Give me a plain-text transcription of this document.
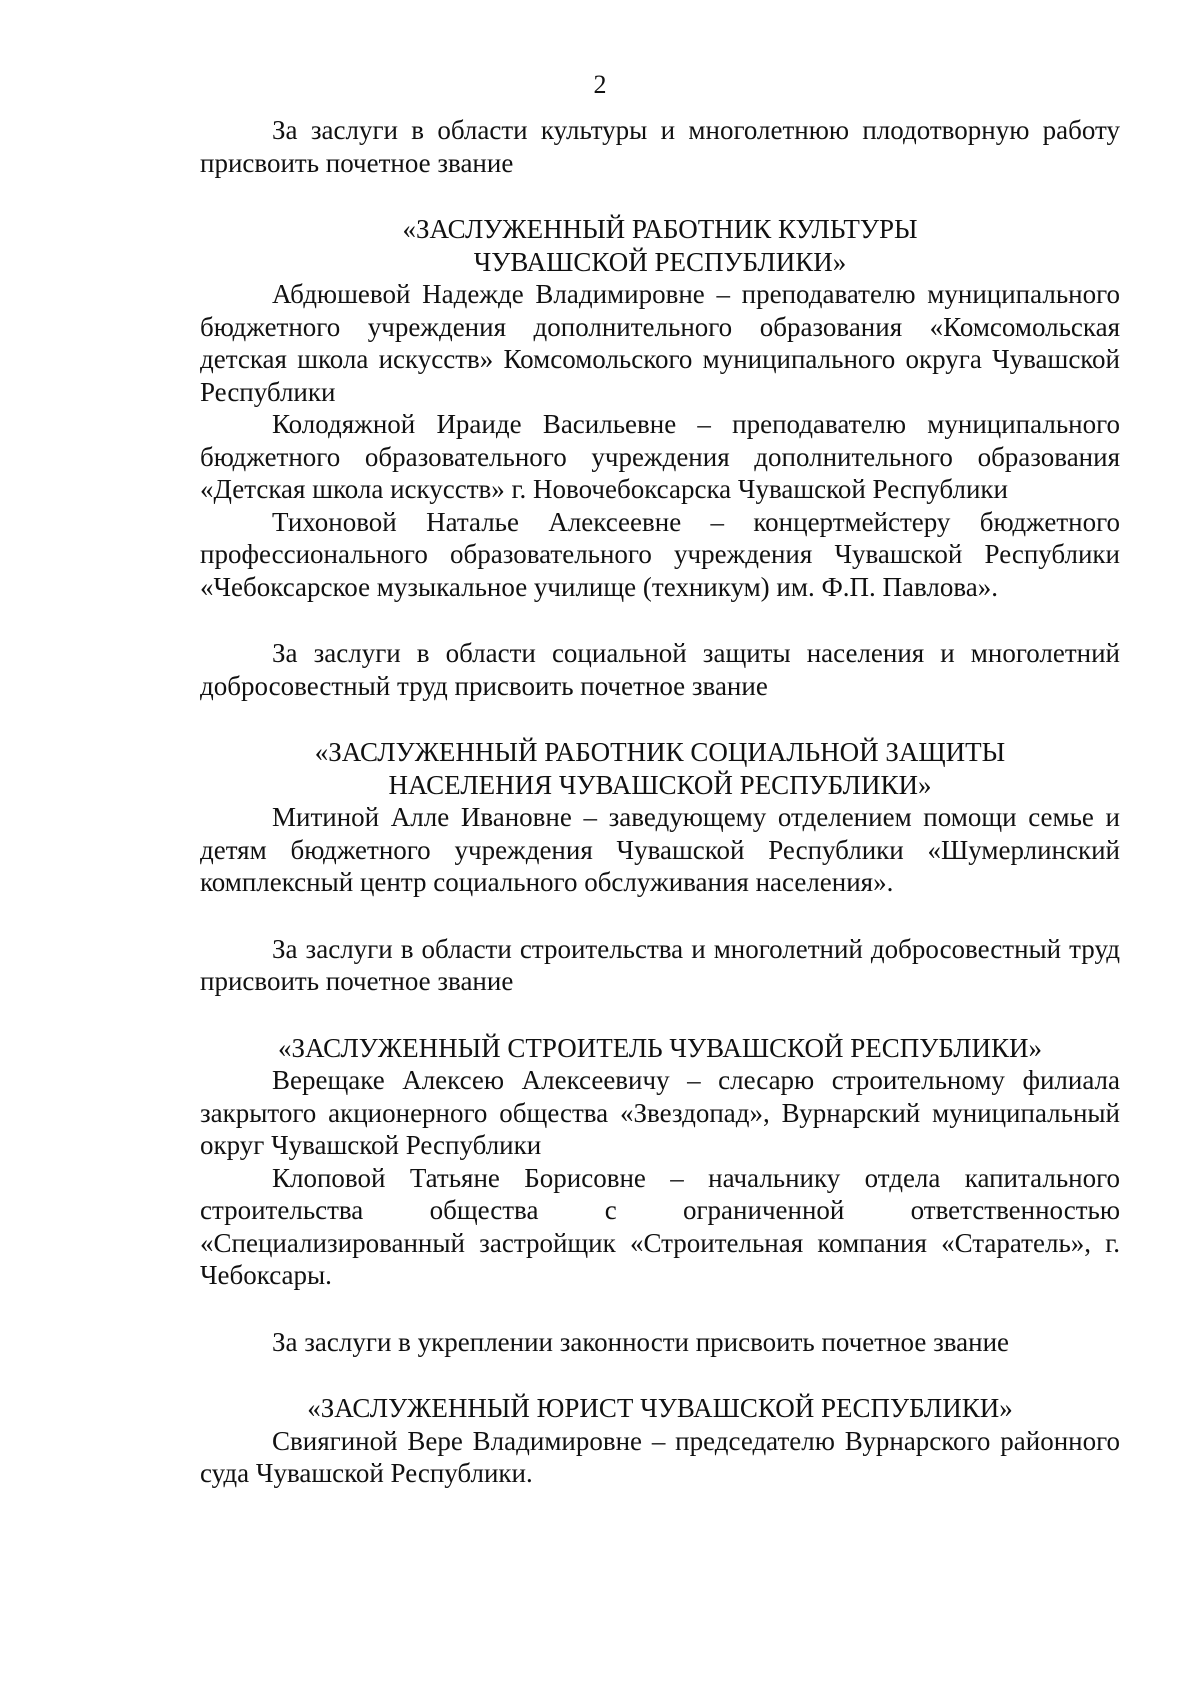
2

За заслуги в области культуры и многолетнюю плодотворную работу присвоить почетное звание

«ЗАСЛУЖЕННЫЙ РАБОТНИК КУЛЬТУРЫ
ЧУВАШСКОЙ РЕСПУБЛИКИ»

Абдюшевой Надежде Владимировне – преподавателю муниципального бюджетного учреждения дополнительного образования «Комсомольская детская школа искусств» Комсомольского муниципального округа Чувашской Республики

Колодяжной Ираиде Васильевне – преподавателю муниципального бюджетного образовательного учреждения дополнительного образования «Детская школа искусств» г. Новочебоксарска Чувашской Республики

Тихоновой Наталье Алексеевне – концертмейстеру бюджетного профессионального образовательного учреждения Чувашской Республики «Чебоксарское музыкальное училище (техникум) им. Ф.П. Павлова».

За заслуги в области социальной защиты населения и многолетний добросовестный труд присвоить почетное звание

«ЗАСЛУЖЕННЫЙ РАБОТНИК СОЦИАЛЬНОЙ ЗАЩИТЫ
НАСЕЛЕНИЯ ЧУВАШСКОЙ РЕСПУБЛИКИ»

Митиной Алле Ивановне – заведующему отделением помощи семье и детям бюджетного учреждения Чувашской Республики «Шумерлинский комплексный центр социального обслуживания населения».

За заслуги в области строительства и многолетний добросовестный труд присвоить почетное звание

«ЗАСЛУЖЕННЫЙ СТРОИТЕЛЬ ЧУВАШСКОЙ РЕСПУБЛИКИ»

Верещаке Алексею Алексеевичу – слесарю строительному филиала закрытого акционерного общества «Звездопад», Вурнарский муниципальный округ Чувашской Республики

Клоповой Татьяне Борисовне – начальнику отдела капитального строительства общества с ограниченной ответственностью «Специализированный застройщик «Строительная компания «Старатель», г. Чебоксары.

За заслуги в укреплении законности присвоить почетное звание

«ЗАСЛУЖЕННЫЙ ЮРИСТ ЧУВАШСКОЙ РЕСПУБЛИКИ»

Свиягиной Вере Владимировне – председателю Вурнарского районного суда Чувашской Республики.
